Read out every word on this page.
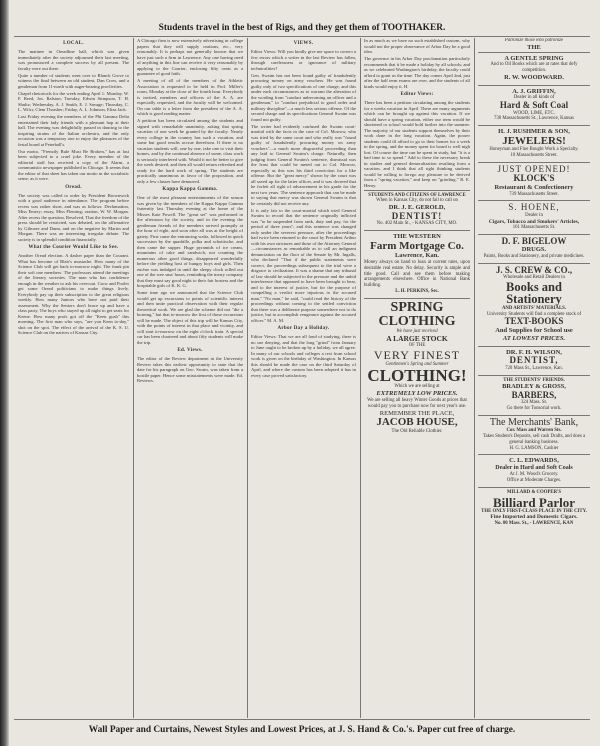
Students travel in the best of Rigs, and they get them of TOOTHAKER.
LOCAL.

The matinee in Oreadline hall, which was given immediately after the society adjourned their last meeting, was pronounced a complete success by all present. The faculty were out there.

Quite a number of students went over to Blanck Grove to witness the final between an old student, Dan Crow, and a gentleman from 11-north with auger-bearing proclivities.

Chapel rhetoricals for the week ending April 1: Monday, W. F. Reed, Jos. Ralston; Tuesday, Edwin Stimpson, T. H. Shultz; Wednesday, A. J. Smith, E. J. Savage; Thursday, C. L. Wilcr, Clem Thrasher; Friday, A. L. Johnson, Eliza Jack.

Last Friday evening the members of the Phi Gamma Delta entertained their lady friends with a pleasant hop at their hall. The evening was delightfully passed in dancing to the inspiring strains of the Italian orchestra, and the only occasion was a temporary one to enjoy the pleasures of the festal board at Peterball's.

Our motto, "Frenzily Rule Must Be Broken," has at last been subjected to a cruel joke. Every member of the editorial staff has received a copy of the Alarm, a communistic newspaper published in Chicago. It seems that the editor of that sheet has taken our motto in the socialistic sense, as it were.

Oread.

The society was called to order by President Brownwick with a good audience in attendance. The program before recess was rather short, and was as follows: Declamation, Miss Emery; essay, Miss Fleming; oration, W. W. Morgan. After recess the question, Resolved, That the freedom of the press should be restricted, was debated, on the affirmative by Gilmore and Dunn, and on the negative by Martin and Morgan. There was an interesting irregular debate. The society is in splendid condition financially.

What the Courier Would Like to See.

Another Oread election. A dasher paper than the Courant. What has become of Blair's mustache. How many of the Science Club will get back to-morrow night. The frank pin their soft one members. The professors attend the meetings of the literary societies. The man who has confidence enough in the weather to ask his overcoat. Crow and Pooler get some Oread politicians to make things lively. Everybody pay up their subscription to the great religious weekly. How many Juniors who have not paid their assessment. Why the Seniors don't brace up and have a class party. The boys who stayed up all night to get seats for Keene. How many profs got off the "Keen gush" this morning. The first man who says, "are you Keen to-day," shot on the spot. The effect of the arrival of the K. S. U. Science Club on the natives of Kansas City.

A Chicago firm is now extensively advertising in college papers that they will supply orations, etc., very reasonably. It is perhaps not generally known that we have just such a firm in Lawrence. Any one having need of anything in this line can receive it very reasonably by applying to the Courier, enclosing fifty cents as a guarantee of good faith.

A meeting of all of the members of the Athletic Association is requested to be held in Prof. Miller's room, Monday at the close of the fourth hour. Everybody is invited, members and officers of the A. A. are especially requested, and the faculty will be welcomed. On our table is a letter from the president of the A. A. which is good reading matter.

A petition has been circulated among the students and signed with remarkable unanimity, asking that spring vacation of one week be granted by the faculty. Nearly every college in the country has such a vacation, and some but good results accrue therefrom. If there is no vacation students will, one by one, take one to visit their homes, and by the continual absence of some, class work is seriously interfered with. Would it not be better to give the week desired, and then all would return refreshed and ready for the hard work of spring. The students are practically unanimous in favor of the proposition, and only a few classes have demurred.

Kappa Kappa Gamma.

One of the most pleasant entertainments of the season was given by the members of the Kappa Kappa Gamma fraternity last Thursday evening at the home of the Misses Kate Powell. The "great set" was performed in the afternoon by the society, and in the evening the gentleman friends of the members arrived promptly at the hour of eight, and soon after all was at the height of gaiety. First came the entrancing waltz, followed in quick succession by the quadrille, polka and schottische, and then came the supper. Huge pyramids of ice cream, mountains of cake and sandwich, not counting the numerous other good things, disappeared wonderfully before the yielding host of hungry boys and girls. Then euchre was indulged in until the sleepy clock rolled out one of the wee sma' hours, reminding the merry company that they must say good night to their fair hostess and the hospitable girls of K. K. G.

Some time ago we announced that the Science Club would get up excursions to points of scientific interest and then unite practical observation with their regular theoretical work. We are glad the scheme did not "die a borning," but that to-morrow the first of those excursions will be made. The object of this trip will be Kansas City, with the points of interest in that place and vicinity, and will start to-morrow on the eight o'clock train. A special car has been chartered and about fifty students will make the trip.

Ed. Views.

The editor of the Review department in the University Review takes this earliest opportunity to state that the date for his paragraph on Geo. Swain, was taken from a hostile paper. Hence some misstatements were made. Ed. Reviews.

VIEWS.

Editor Views: Will you kindly give me space to correct a few errors which a writer in the last Review has fallen, through carelessness or ignorance of military technicalities?

Gen. Swaim has not been found guilty of fraudulently procuring money on army vouchers. He was found guilty only of two specifications of one charge, and this under each circumstances as to warrant the alteration of the wording from "conduct unbecoming an officer and a gentleman," to "conduct prejudicial to good order and military discipline"—a much less serious offense. Of the second charge and its specifications General Swaim was found not guilty.

The writer had evidently confused the Swaim court-martial with the facts in the case of Col. Morrow, who was tried by the same court and who really was "found guilty of fraudulently procuring money on army vouchers"—a much more disgraceful proceeding than any laid to General Swaim's charge. Naturally, then judging from General Swaim's sentence, dismissal was the least that could be meted out to Col. Morrow, especially as this was his third conviction for a like offense. But the "great mercy" shown by the court was all saved up for the latter officer, and it was decreed that he forfeit all right of advancement in his grade for the next two years. The sentence approach that can be made to saying that mercy was shown General Swaim is that he certainly did not receive any.

It is only fair to the court-martial which tried General Swaim to record that the sentence originally inflicted was "to be suspended from rank, duty and pay, for the period of three years"; and this sentence was changed only under the severest pressure, after the proceedings had twice been returned to the court by President Arthur with his own strictures and those of the Attorney General—circumstances as remarkable as to call an indignant denunciation on the floor of the Senate by Mr. Ingalls, who declared "That if the public statements were correct, the proceedings subsequent to the trial were a disgrace to civilization. It was a shame that any tribunal of law should be subjected to the pressure and the unbid interference that appeared to have been brought to bear, and to the interest of justice, but for the purpose of compelling a verdict more injurious to the accused man." "No man," he said, "could read the history of the proceedings without coming to the settled conviction that there was a deliberate purpose somewhere not to do justice, but to accomplish vengeance against the accused officer." M. A. M.

Arbor Day a Holiday.

Editor Views: That we are all fond of studying, there is no use denying, and that the long "grind" from January to June ought to be broken up by a holiday, we all agree. In many of our schools and colleges a rest from school work is given on the birthday of Washington. In Kansas this should be made the case on the third Saturday of April, and where the custom has been adopted it has in every case proved satisfactory.

In as much as we have no such established custom, why would not the proper observance of Arbor Day be a good idea.

The governor in his Arbor Day proclamation particularly recommends that it be made a holiday by all schools; and as we celebrated Washington's birthday, the faculty could afford to grant us the time. The day comes April 2nd, just after the half term exams are over, and the students of all kinds would enjoy it. H.

Editor Views:

There has been a petition circulating among the students for a weeks vacation in April. There are many arguments which can be brought up against this vacation. If we should have a spring vacation, either our term would be shortened or school would hold further into the summer. The majority of our students support themselves by their work done in the long vacation. Again, the poorer students could ill afford to go to their homes for a week in the spring, and the money spent for board is well nigh lost. Of course the time can be spent in study, but "it is a bad time to so spend." Add to these the necessary break in studies and general demoralization resulting from a vacation, and I think that all right thinking students would be willing to forego any pleasure to be derived from a "spring vacation," and keep on "grinding." R. E. Henry.

STUDENTS AND CITIZENS OF LAWRENCE
When in Kansas City, do not fail to call on
DR. J. E. GEROLD,
DENTIST!
No. 402 Main St., - KANSAS CITY, MO.
THE WESTERN
Farm Mortgage Co.
Lawrence, Kan.
Money always on hand to loan at current rates, upon desirable real estate. No delay. Security is ample and title good. Call and see them before making arrangements elsewhere. Office in National Bank building.
L. H. PERKINS, Sec.
SPRING CLOTHING
We have just received
A LARGE STOCK
OF THE
VERY FINEST
Gentlemen's Spring and Summer
CLOTHING!
Which we are selling at
EXTREMELY LOW PRICES.
We are selling all heavy Winter Goods at prices that would pay you to purchase now for next year's use.
REMEMBER THE PLACE,
JACOB HOUSE,
The Old Reliable Clothier.
Patronize those who patronize
THE
A GENTLE SPRING
And to Oil Books which are at rates that defy competition.
R. W. WOODWARD.
A. J. GRIFFIN,
Dealer in all kinds of
Hard & Soft Coal
WOOD, LIME, ETC.
738 Massachusetts St., Lawrence, Kansas
H. J. RUSHMER & SON,
JEWELERS!
Honeyman and Fine Bought Work a Specialty.
10 Massachusetts Street.
JUST OPENED!
KLOCK'S
Restaurant & Confectionery
739 Massachusetts Street.
S. HOENE,
Dealer in
Cigars, Tobacco and Smokers' Articles,
161 Massachusetts St.
D. F. BIGELOW
DRUGS.
Paints, Books and Stationery, and private medicines.
J. S. CREW & CO.,
Wholesale and Retail Dealers in
Books and Stationery
AND ARTISTS' MATERIALS.
University Students will find a complete stock of
TEXT-BOOKS
And Supplies for School use
AT LOWEST PRICES.
DR. F. H. WILSON,
DENTIST,
720 Mass St., Lawrence, Kan.
THE STUDENTS' FRIENDS.
BRADLEY & GROSS,
BARBERS,
324 Mass. St.
Go there for Tonsorial work.
The Merchants' Bank,
Cor. Mass and Warren Sts.
Takes Student's Deposits, sell cash Drafts, and does a general banking business.
H. G. LAMSON, Cashier
C. L. EDWARDS,
Dealer in Hard and Soft Coals
At J. M. Wood's Grocery.
Office at Moderate Charges.
MILLARD & COOPER'S
Billiard Parlor
THE ONLY FIRST-CLASS PLACE IN THE CITY.
Fine Imported and Domestic Cigars.
No. 80 Mass. St., - LAWRENCE, KAN
Wall Paper and Curtains, Newest Styles and Lowest Prices, at J. S. Hand & Co.'s. Paper cut free of charge.
